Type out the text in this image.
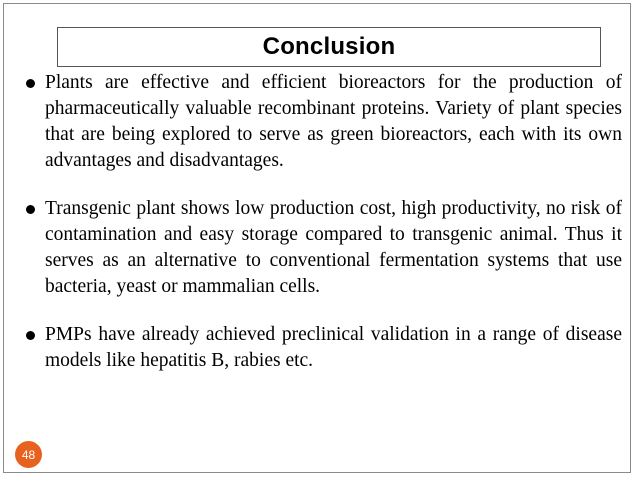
Conclusion
Plants are effective and efficient bioreactors for the production of pharmaceutically valuable recombinant proteins. Variety of plant species that are being explored to serve as green bioreactors, each with its own advantages and disadvantages.
Transgenic plant shows low production cost, high productivity, no risk of contamination and easy storage compared to transgenic animal. Thus it serves as an alternative to conventional fermentation systems that use bacteria, yeast or mammalian cells.
PMPs have already achieved preclinical validation in a range of disease models like hepatitis B, rabies etc.
48
